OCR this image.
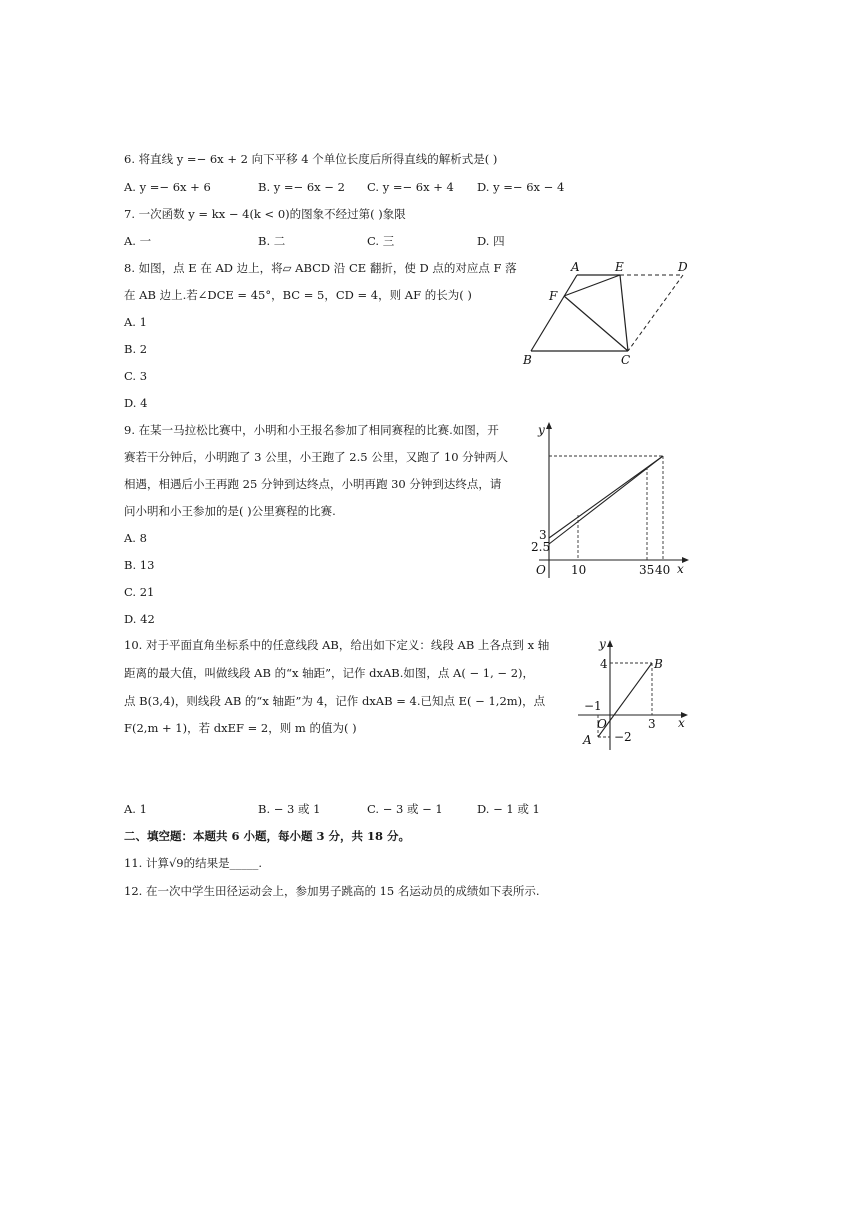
6. 将直线 y =− 6x + 2 向下平移 4 个单位长度后所得直线的解析式是( )
A. y =− 6x + 6	B. y =− 6x − 2 C. y =− 6x + 4 D. y =− 6x − 4
7. 一次函数 y = kx − 4(k < 0)的图象不经过第( )象限
A. 一	B. 二	C. 三	D. 四
8. 如图，点 E 在 AD 边上，将▱ ABCD 沿 CE 翻折，使 D 点的对应点 F 落
在 AB 边上.若∠DCE = 45°，BC = 5，CD = 4，则 AF 的长为( )
A. 1
B. 2
C. 3
D. 4
A	E	D
F
B	C
9. 在某一马拉松比赛中，小明和小王报名参加了相同赛程的比赛.如图，开
赛若干分钟后，小明跑了 3 公里，小王跑了 2.5 公里，又跑了 10 分钟两人
相遇，相遇后小王再跑 25 分钟到达终点，小明再跑 30 分钟到达终点，请
问小明和小王参加的是( )公里赛程的比赛.
A. 8
B. 13
C. 21
D. 42
y
x
O
3
2.5
10	35 40
10. 对于平面直角坐标系中的任意线段 AB，给出如下定义：线段 AB 上各点到 x 轴
距离的最大值，叫做线段 AB 的“x 轴距”，记作 dxAB.如图，点 A( − 1, − 2)，
点 B(3,4)，则线段 AB 的“x 轴距”为 4，记作 dxAB = 4.已知点 E( − 1,2m)，点
F(2,m + 1)，若 dxEF = 2，则 m 的值为( )
A. 1	B. − 3 或 1	C. − 3 或 − 1	D. − 1 或 1
y
x
O
B
A
4
−1
3
−2
二、填空题：本题共 6 小题，每小题 3 分，共 18 分。
11. 计算√9的结果是_____.
12. 在一次中学生田径运动会上，参加男子跳高的 15 名运动员的成绩如下表所示.
